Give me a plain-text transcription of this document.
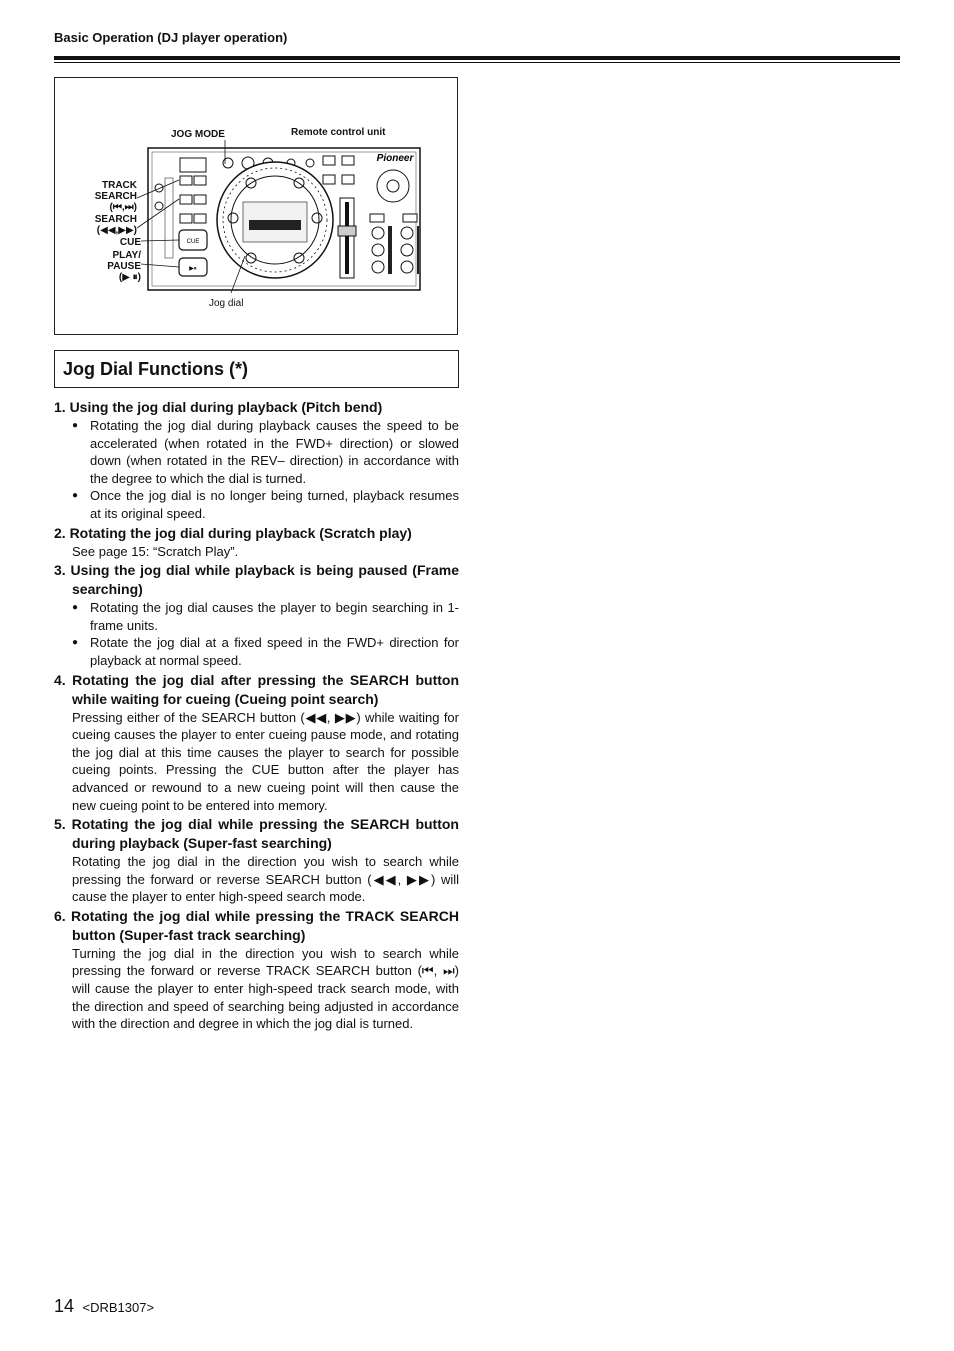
Basic Operation (DJ player operation)
CUE
▶⏸
Pioneer
JOG MODE	Remote control unit
TRACK
SEARCH
(⏮,⏭)
SEARCH
(◀◀,▶▶)
CUE
PLAY/
PAUSE
(▶ ⏸)
Jog dial
Jog Dial Functions (*)

1. Using the jog dial during playback (Pitch bend)

● Rotating the jog dial during playback causes the speed to be accelerated (when rotated in the FWD+ direction) or slowed down (when rotated in the REV– direction) in accordance with the degree to which the dial is turned.
● Once the jog dial is no longer being turned, playback resumes at its original speed.

2. Rotating the jog dial during playback (Scratch play)

See page 15: “Scratch Play”.

3. Using the jog dial while playback is being paused (Frame searching)

● Rotating the jog dial causes the player to begin searching in 1-frame units.
● Rotate the jog dial at a fixed speed in the FWD+ direction for playback at normal speed.

4. Rotating the jog dial after pressing the SEARCH button while waiting for cueing (Cueing point search)

Pressing either of the SEARCH button (◀◀, ▶▶) while waiting for cueing causes the player to enter cueing pause mode, and rotating the jog dial at this time causes the player to search for possible cueing points. Pressing the CUE button after the player has advanced or rewound to a new cueing point will then cause the new cueing point to be entered into memory.

5. Rotating the jog dial while pressing the SEARCH button during playback (Super-fast searching)

Rotating the jog dial in the direction you wish to search while pressing the forward or reverse SEARCH button (◀◀, ▶▶) will cause the player to enter high-speed search mode.

6. Rotating the jog dial while pressing the TRACK SEARCH button (Super-fast track searching)

Turning the jog dial in the direction you wish to search while pressing the forward or reverse TRACK SEARCH button (⏮, ⏭) will cause the player to enter high-speed track search mode, with the direction and speed of searching being adjusted in accordance with the direction and degree in which the jog dial is turned.

14 <DRB1307>
